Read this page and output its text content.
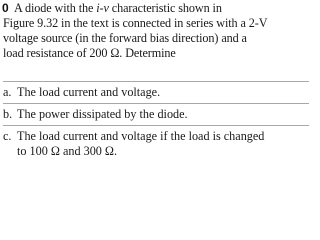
0 A diode with the i-v characteristic shown in
Figure 9.32 in the text is connected in series with a 2-V
voltage source (in the forward bias direction) and a
load resistance of 200 Ω. Determine
a. The load current and voltage.
b. The power dissipated by the diode.
c. The load current and voltage if the load is changed
to 100 Ω and 300 Ω.
